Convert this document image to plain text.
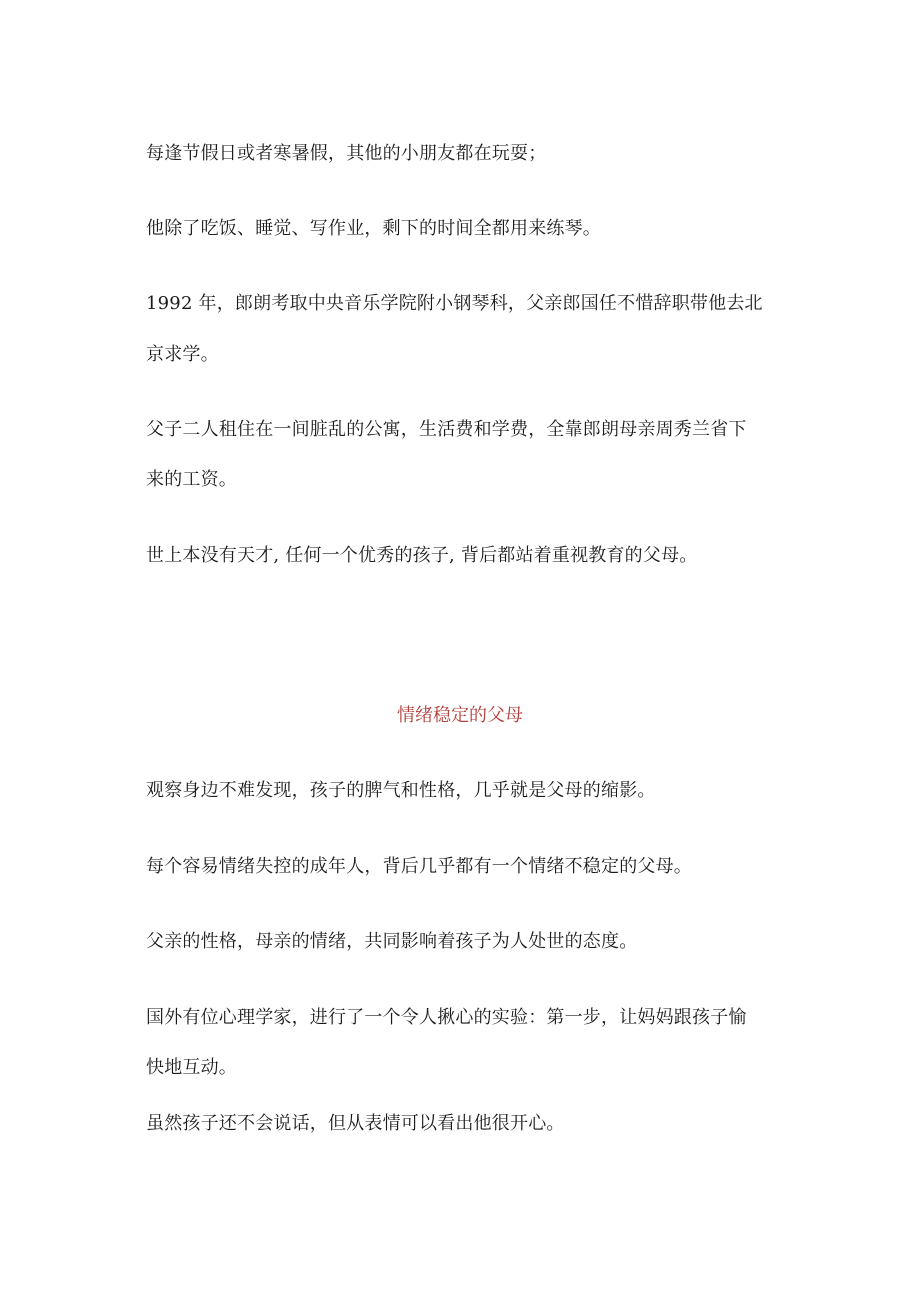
每逢节假日或者寒暑假，其他的小朋友都在玩耍；
他除了吃饭、睡觉、写作业，剩下的时间全都用来练琴。
1992 年，郎朗考取中央音乐学院附小钢琴科，父亲郎国任不惜辞职带他去北
京求学。
父子二人租住在一间脏乱的公寓，生活费和学费，全靠郎朗母亲周秀兰省下
来的工资。
世上本没有天才, 任何一个优秀的孩子, 背后都站着重视教育的父母。
情绪稳定的父母
观察身边不难发现，孩子的脾气和性格，几乎就是父母的缩影。
每个容易情绪失控的成年人，背后几乎都有一个情绪不稳定的父母。
父亲的性格，母亲的情绪，共同影响着孩子为人处世的态度。
国外有位心理学家，进行了一个令人揪心的实验：第一步，让妈妈跟孩子愉
快地互动。
虽然孩子还不会说话，但从表情可以看出他很开心。
